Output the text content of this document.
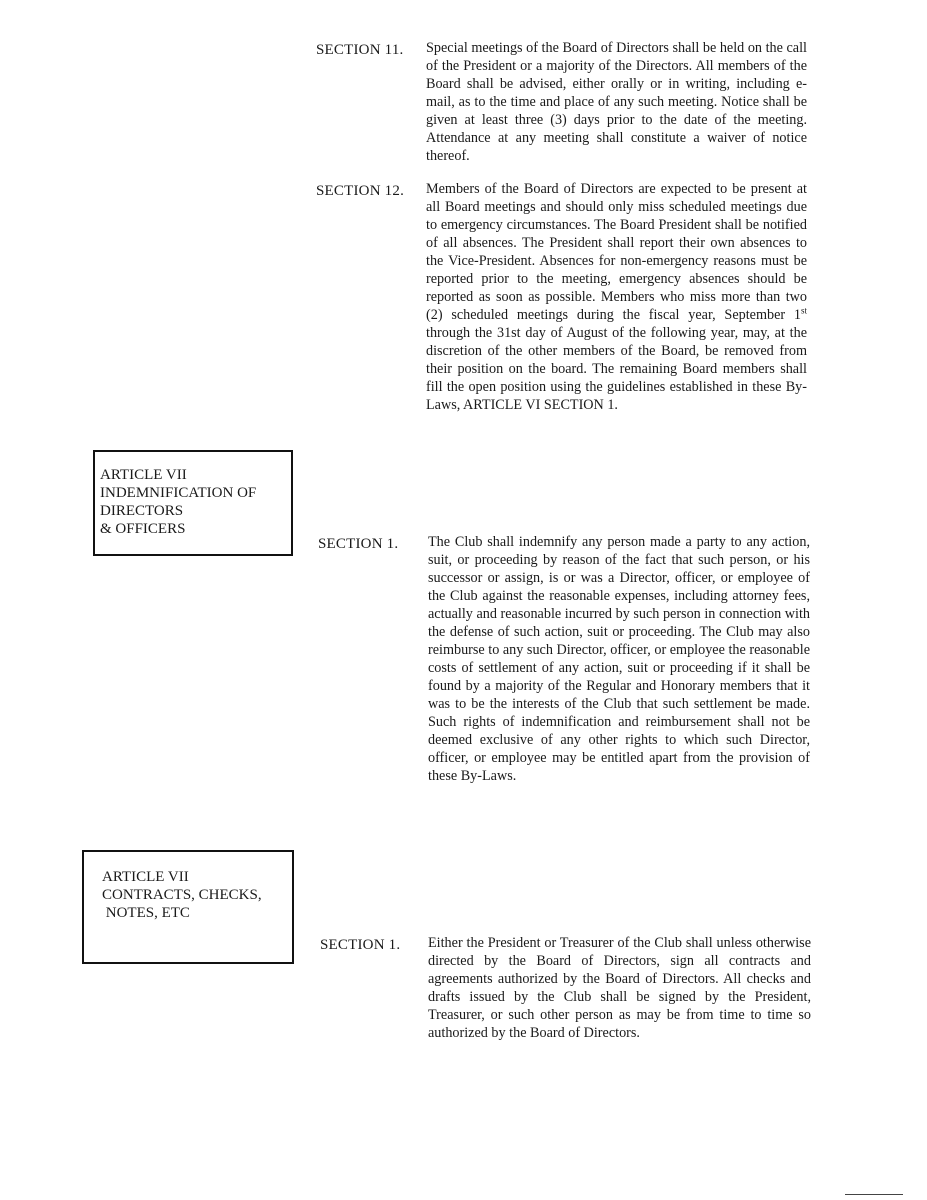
SECTION 11. Special meetings of the Board of Directors shall be held on the call of the President or a majority of the Directors. All members of the Board shall be advised, either orally or in writing, including e-mail, as to the time and place of any such meeting. Notice shall be given at least three (3) days prior to the date of the meeting. Attendance at any meeting shall constitute a waiver of notice thereof.
SECTION 12. Members of the Board of Directors are expected to be present at all Board meetings and should only miss scheduled meetings due to emergency circumstances. The Board President shall be notified of all absences. The President shall report their own absences to the Vice-President. Absences for non-emergency reasons must be reported prior to the meeting, emergency absences should be reported as soon as possible. Members who miss more than two (2) scheduled meetings during the fiscal year, September 1st through the 31st day of August of the following year, may, at the discretion of the other members of the Board, be removed from their position on the board. The remaining Board members shall fill the open position using the guidelines established in these By-Laws, ARTICLE VI SECTION 1.
ARTICLE VII
INDEMNIFICATION OF
DIRECTORS
& OFFICERS
SECTION 1. The Club shall indemnify any person made a party to any action, suit, or proceeding by reason of the fact that such person, or his successor or assign, is or was a Director, officer, or employee of the Club against the reasonable expenses, including attorney fees, actually and reasonable incurred by such person in connection with the defense of such action, suit or proceeding. The Club may also reimburse to any such Director, officer, or employee the reasonable costs of settlement of any action, suit or proceeding if it shall be found by a majority of the Regular and Honorary members that it was to be the interests of the Club that such settlement be made. Such rights of indemnification and reimbursement shall not be deemed exclusive of any other rights to which such Director, officer, or employee may be entitled apart from the provision of these By-Laws.
ARTICLE VII
CONTRACTS, CHECKS,
NOTES, ETC
SECTION 1. Either the President or Treasurer of the Club shall unless otherwise directed by the Board of Directors, sign all contracts and agreements authorized by the Board of Directors. All checks and drafts issued by the Club shall be signed by the President, Treasurer, or such other person as may be from time to time so authorized by the Board of Directors.
